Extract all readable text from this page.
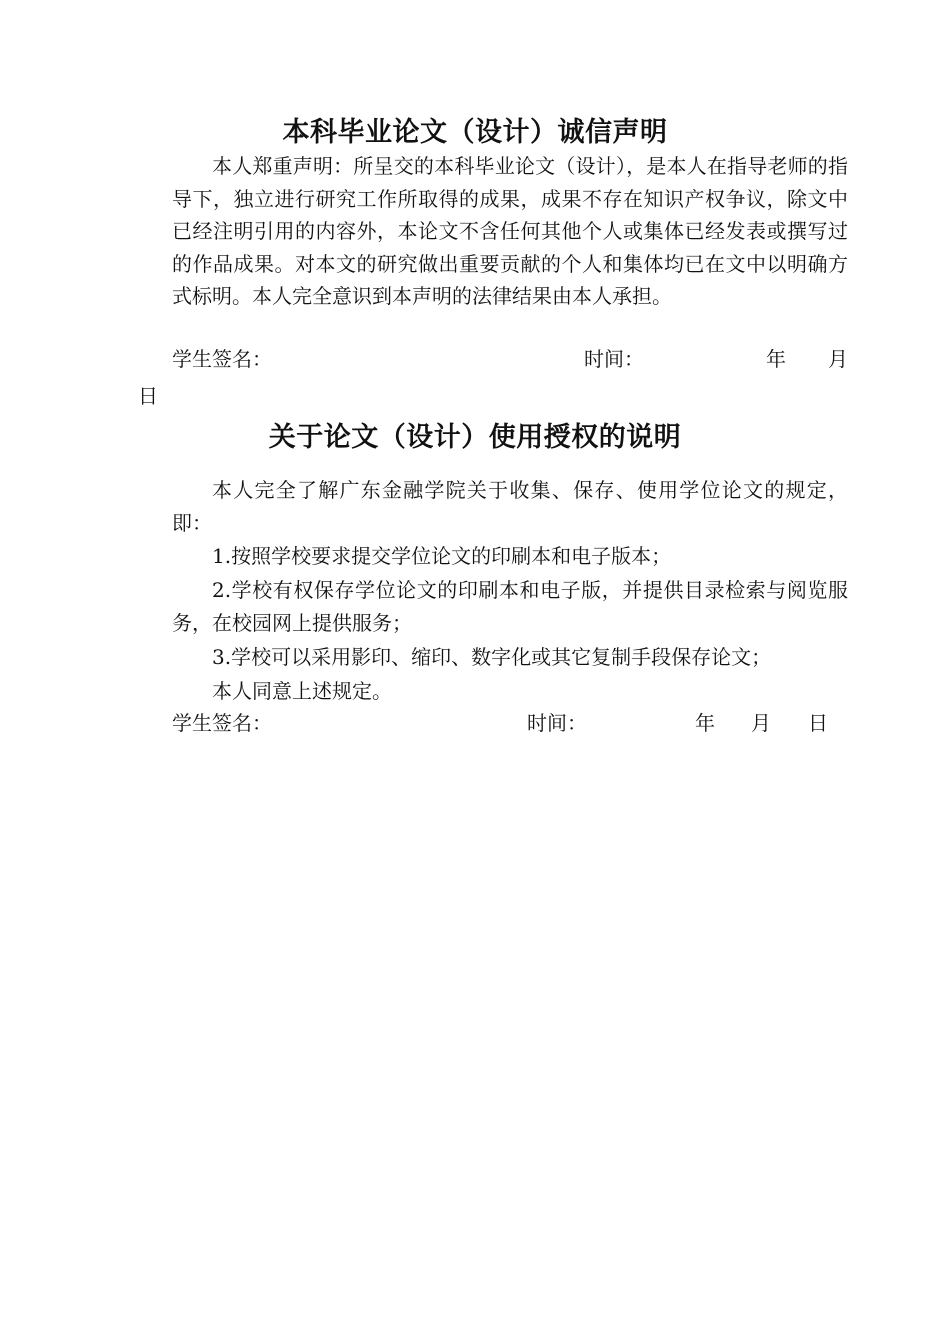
本科毕业论文（设计）诚信声明

本人郑重声明：所呈交的本科毕业论文（设计），是本人在指导老师的指导下，独立进行研究工作所取得的成果，成果不存在知识产权争议，除文中已经注明引用的内容外，本论文不含任何其他个人或集体已经发表或撰写过的作品成果。对本文的研究做出重要贡献的个人和集体均已在文中以明确方式标明。本人完全意识到本声明的法律结果由本人承担。

学生签名：	时间：	年 月
日
关于论文（设计）使用授权的说明

本人完全了解广东金融学院关于收集、保存、使用学位论文的规定，即：

1.按照学校要求提交学位论文的印刷本和电子版本；

2.学校有权保存学位论文的印刷本和电子版，并提供目录检索与阅览服务，在校园网上提供服务；

3.学校可以采用影印、缩印、数字化或其它复制手段保存论文；

本人同意上述规定。

学生签名：	时间：	年 月 日
